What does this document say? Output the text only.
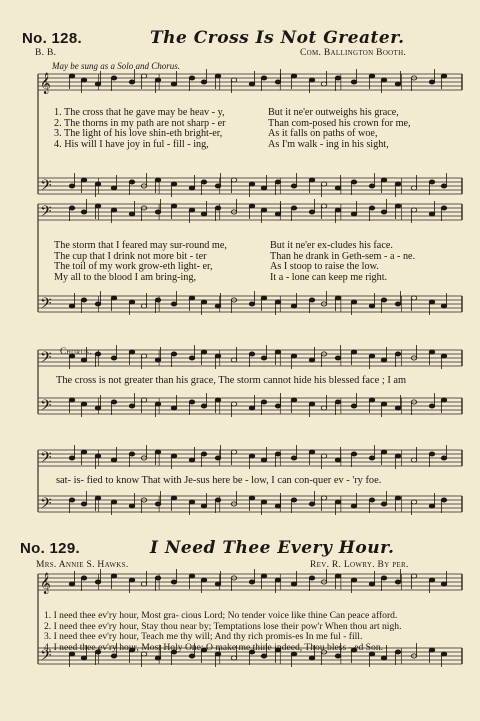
𝄞
𝄢
𝄢
𝄢
𝄢
𝄢
𝄢
𝄢
𝄞
𝄢
No. 128.	The Cross Is Not Greater.
B. B.	Com. Ballington Booth.
May be sung as a Solo and Chorus.
1. The cross that he gave may be heav - y,
2. The thorns in my path are not sharp - er
3. The light of his love shin-eth bright-er,
4. His will I have joy in ful - fill - ing,
But it ne'er outweighs his grace,
Than com-posed his crown for me,
As it falls on paths of woe,
As I'm walk - ing in his sight,
The storm that I feared may sur-round me,
The cup that I drink not more bit - ter
The toil of my work grow-eth light- er,
My all to the blood I am bring-ing,
But it ne'er ex-cludes his face.
Than he drank in Geth-sem - a - ne.
As I stoop to raise the low.
It a - lone can keep me right.
Chorus.
The cross is not greater than his grace, The storm cannot hide his blessed face ; I am
sat- is- fied to know That with Je-sus here be - low, I can con-quer ev - 'ry foe.
No. 129.	I Need Thee Every Hour.
Mrs. Annie S. Hawks.	Rev. R. Lowry. By per.
1. I need thee ev'ry hour, Most gra- cious Lord; No tender voice like thine Can peace afford.
2. I need thee ev'ry hour, Stay thou near by; Temptations lose their pow'r When thou art nigh.
3. I need thee ev'ry hour, Teach me thy will; And thy rich promis-es In me ful - fill.
4. I need thee ev'ry hour, Most Holy One; O make me thine indeed, Thou bless - ed Son.
